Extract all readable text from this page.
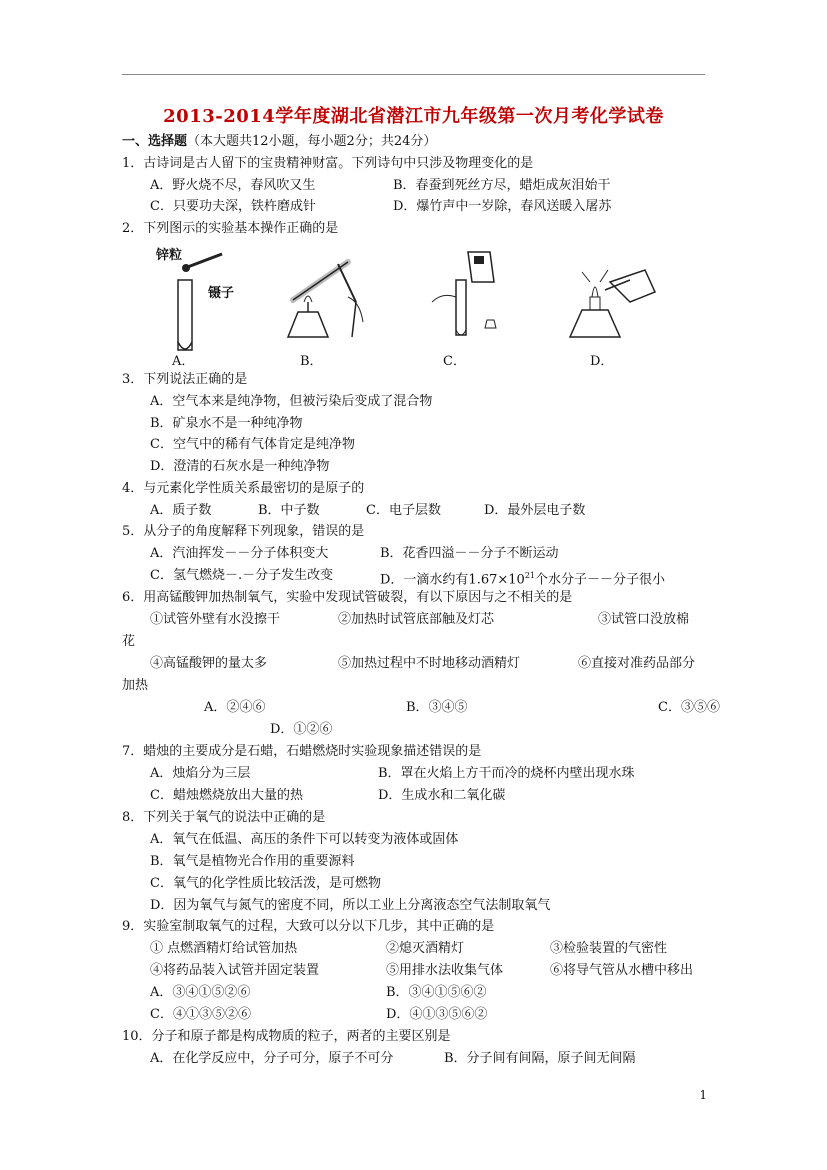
2013-2014学年度湖北省潜江市九年级第一次月考化学试卷
一、选择题（本大题共12小题，每小题2分；共24分）
1．古诗词是古人留下的宝贵精神财富。下列诗句中只涉及物理变化的是
A．野火烧不尽，春风吹又生	B．春蚕到死丝方尽，蜡炬成灰泪始干
C．只要功夫深，铁杵磨成针	D．爆竹声中一岁除，春风送暖入屠苏
2．下列图示的实验基本操作正确的是
锌粒
镊子
A．	B．	C．	D．
3．下列说法正确的是
A．空气本来是纯净物，但被污染后变成了混合物
B．矿泉水不是一种纯净物
C．空气中的稀有气体肯定是纯净物
D．澄清的石灰水是一种纯净物
4．与元素化学性质关系最密切的是原子的
A．质子数	B．中子数	C．电子层数	D．最外层电子数
5．从分子的角度解释下列现象，错误的是
A．汽油挥发－－分子体积变大	B．花香四溢－－分子不断运动
C．氢气燃烧－.－分子发生改变	D．一滴水约有$1.67\times 10^{21}$个水分子－－分子很小
6．用高锰酸钾加热制氧气，实验中发现试管破裂，有以下原因与之不相关的是
①试管外壁有水没擦干	②加热时试管底部触及灯芯	③试管口没放棉
花
④高锰酸钾的量太多	⑤加热过程中不时地移动酒精灯	⑥直接对准药品部分
加热
A．②④⑥	B．③④⑤	C．③⑤⑥
D．①②⑥
7．蜡烛的主要成分是石蜡，石蜡燃烧时实验现象描述错误的是
A．烛焰分为三层	B．罩在火焰上方干而冷的烧杯内壁出现水珠
C．蜡烛燃烧放出大量的热	D．生成水和二氧化碳
8．下列关于氧气的说法中正确的是
A．氧气在低温、高压的条件下可以转变为液体或固体
B．氧气是植物光合作用的重要源料
C．氧气的化学性质比较活泼，是可燃物
D．因为氧气与氮气的密度不同，所以工业上分离液态空气法制取氧气
9．实验室制取氧气的过程，大致可以分以下几步，其中正确的是
① 点燃酒精灯给试管加热	②熄灭酒精灯	③检验装置的气密性
④将药品装入试管并固定装置	⑤用排水法收集气体	⑥将导气管从水槽中移出
A．③④①⑤②⑥	B．③④①⑤⑥②
C．④①③⑤②⑥	D．④①③⑤⑥②
10．分子和原子都是构成物质的粒子，两者的主要区别是
A．在化学反应中，分子可分，原子不可分	B．分子间有间隔，原子间无间隔
1
